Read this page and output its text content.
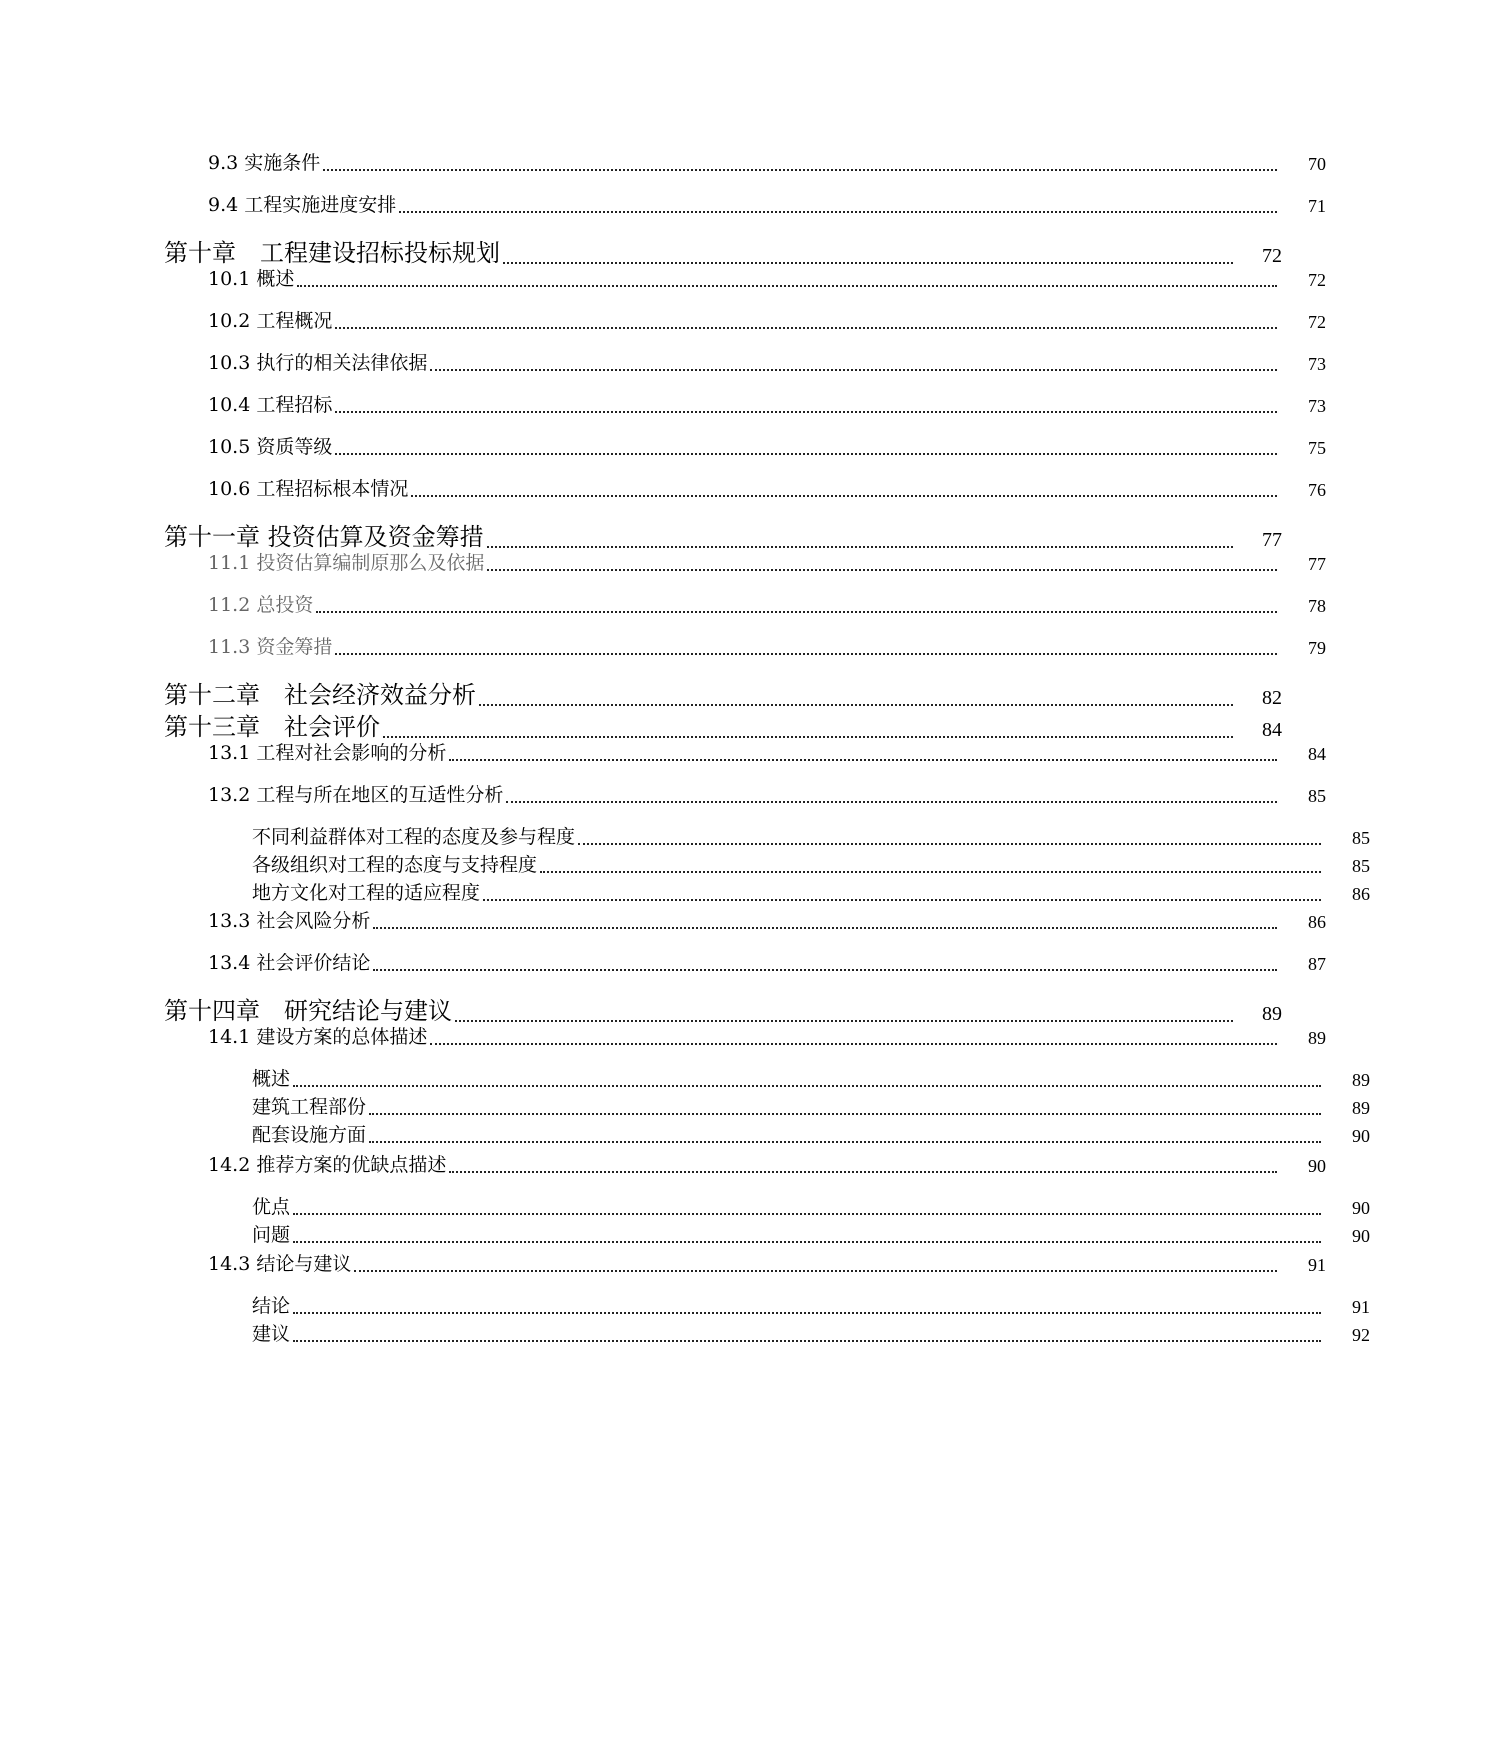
9.3 实施条件	70
9.4 工程实施进度安排	71
第十章　工程建设招标投标规划	72
10.1 概述	72
10.2 工程概况	72
10.3 执行的相关法律依据	73
10.4 工程招标	73
10.5 资质等级	75
10.6 工程招标根本情况	76
第十一章 投资估算及资金筹措	77
11.1 投资估算编制原那么及依据	77
11.2 总投资	78
11.3 资金筹措	79
第十二章　社会经济效益分析	82
第十三章　社会评价	84
13.1 工程对社会影响的分析	84
13.2 工程与所在地区的互适性分析	85
不同利益群体对工程的态度及参与程度	85
各级组织对工程的态度与支持程度	85
地方文化对工程的适应程度	86
13.3 社会风险分析	86
13.4 社会评价结论	87
第十四章　研究结论与建议	89
14.1 建设方案的总体描述	89
概述	89
建筑工程部份	89
配套设施方面	90
14.2 推荐方案的优缺点描述	90
优点	90
问题	90
14.3 结论与建议	91
结论	91
建议	92
